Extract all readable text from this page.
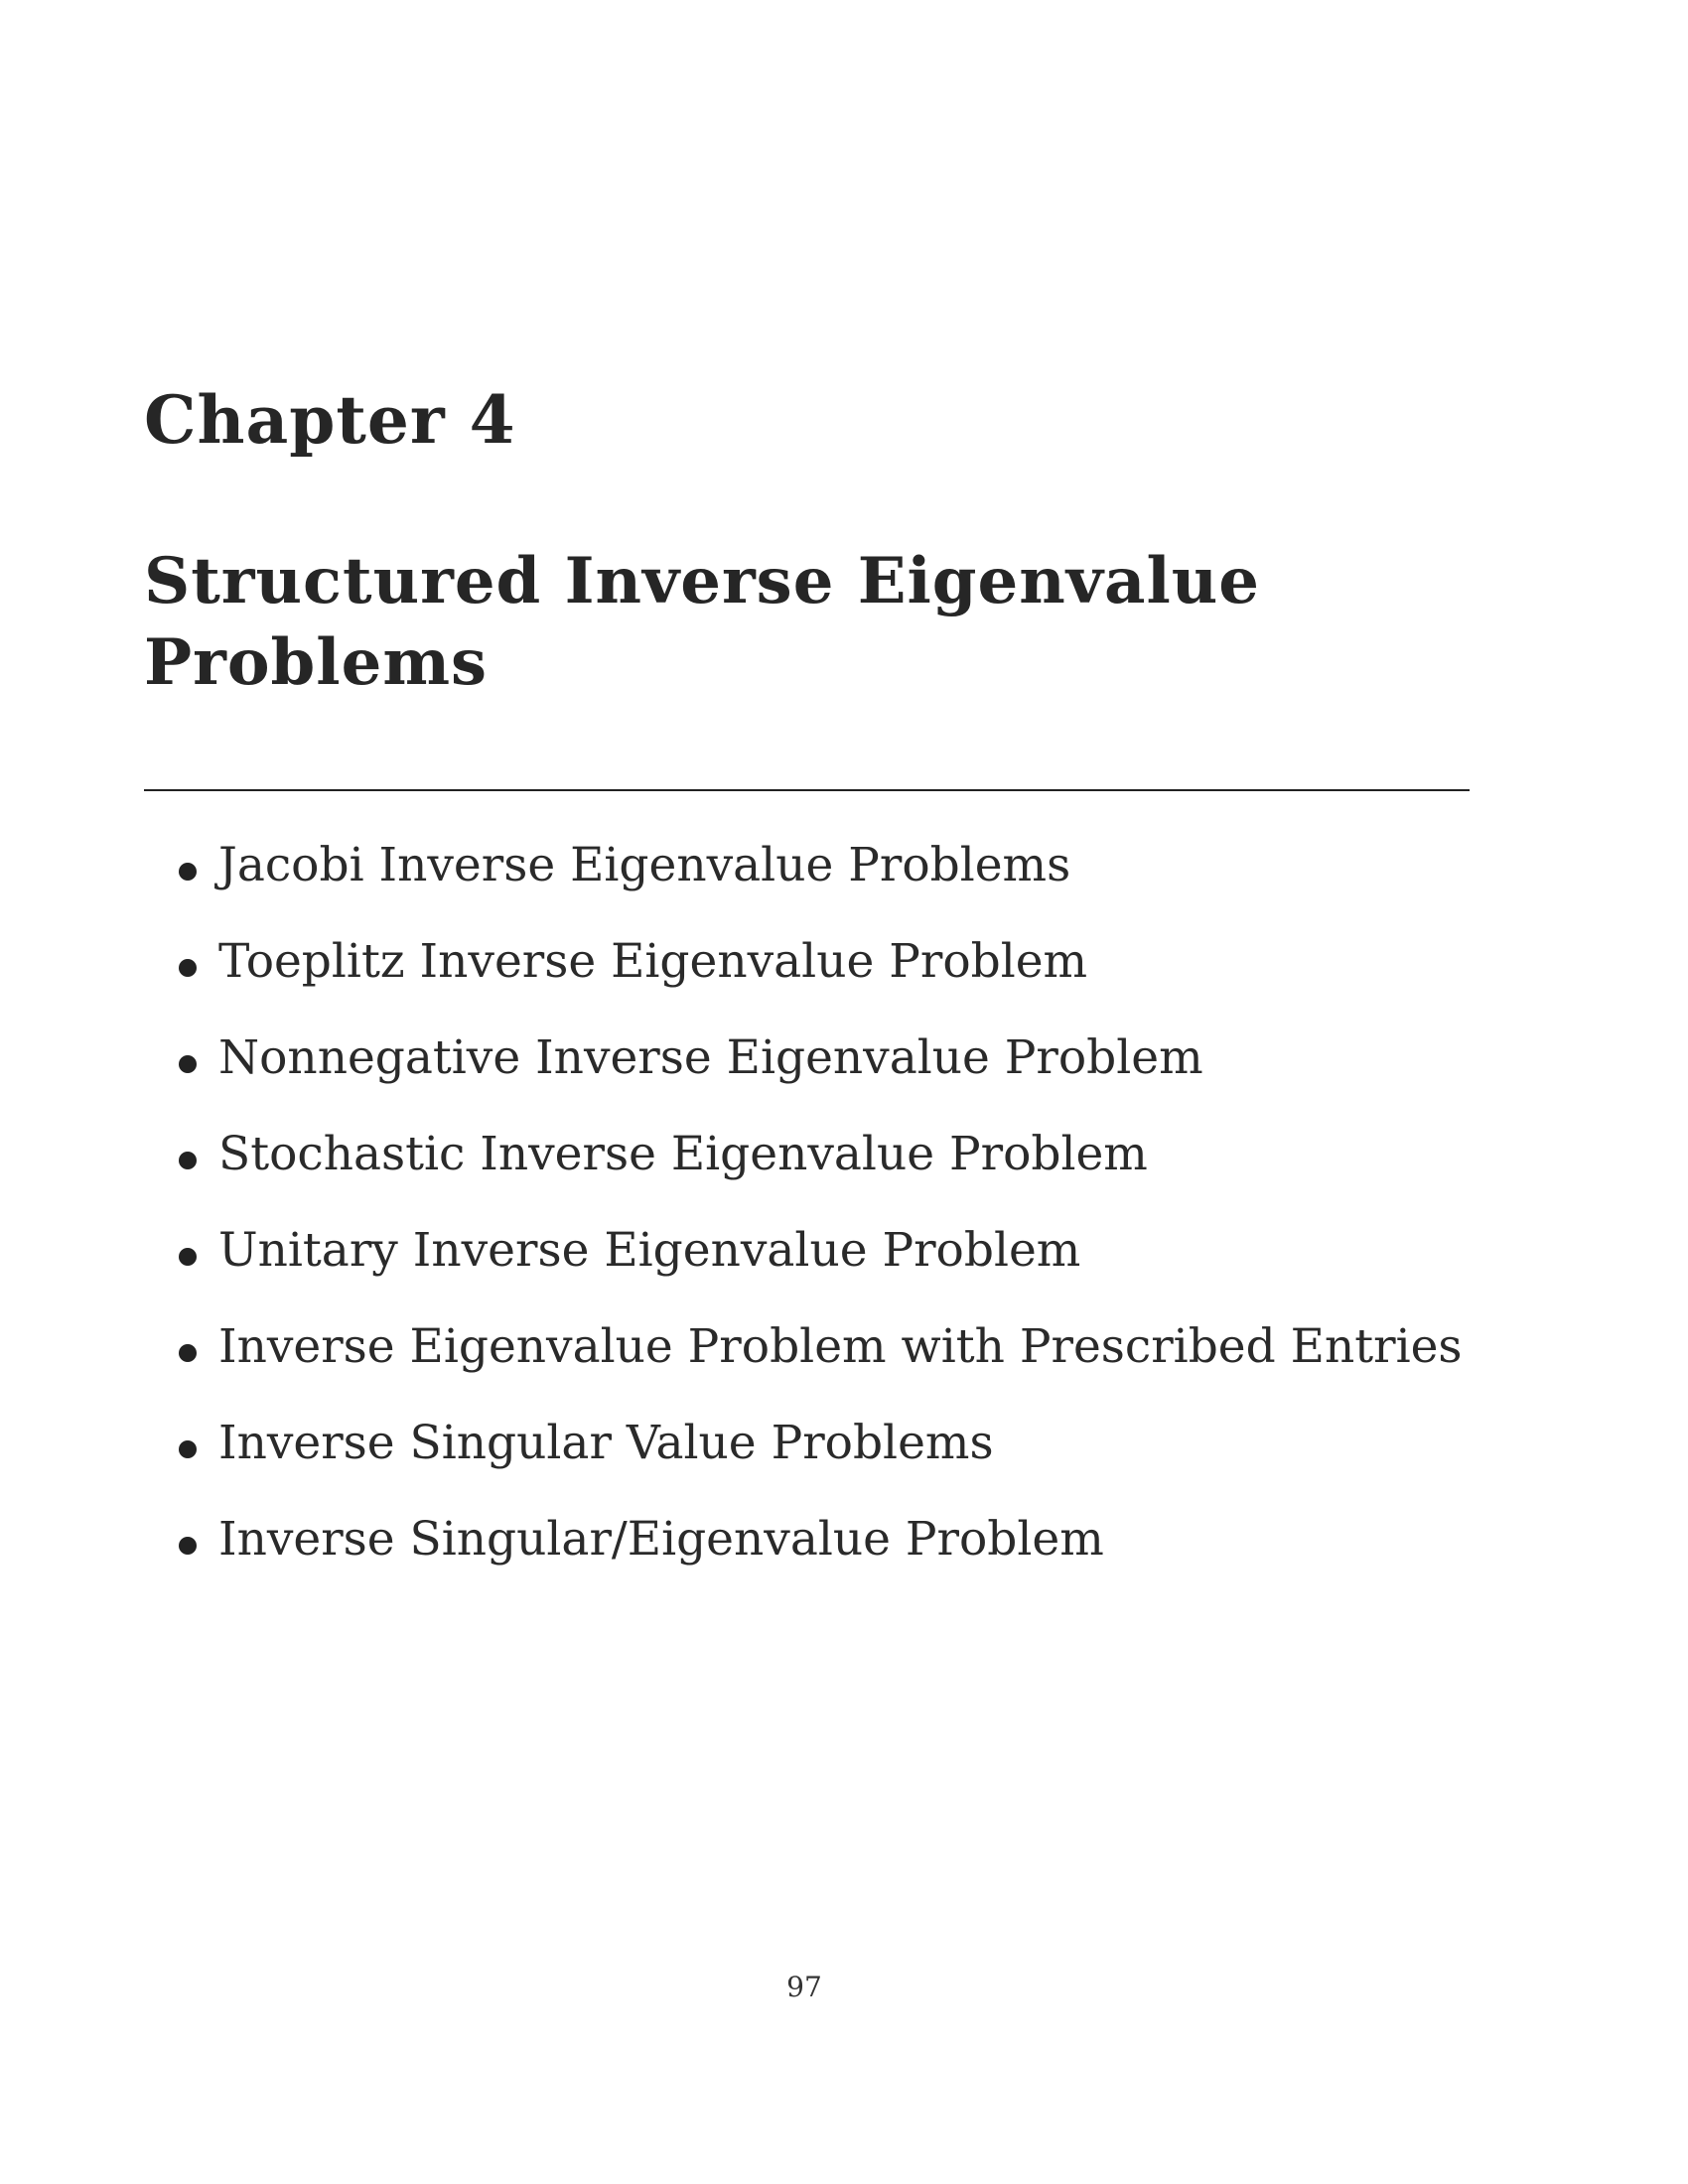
Chapter 4
Structured Inverse Eigenvalue Problems
Jacobi Inverse Eigenvalue Problems
Toeplitz Inverse Eigenvalue Problem
Nonnegative Inverse Eigenvalue Problem
Stochastic Inverse Eigenvalue Problem
Unitary Inverse Eigenvalue Problem
Inverse Eigenvalue Problem with Prescribed Entries
Inverse Singular Value Problems
Inverse Singular/Eigenvalue Problem
97
